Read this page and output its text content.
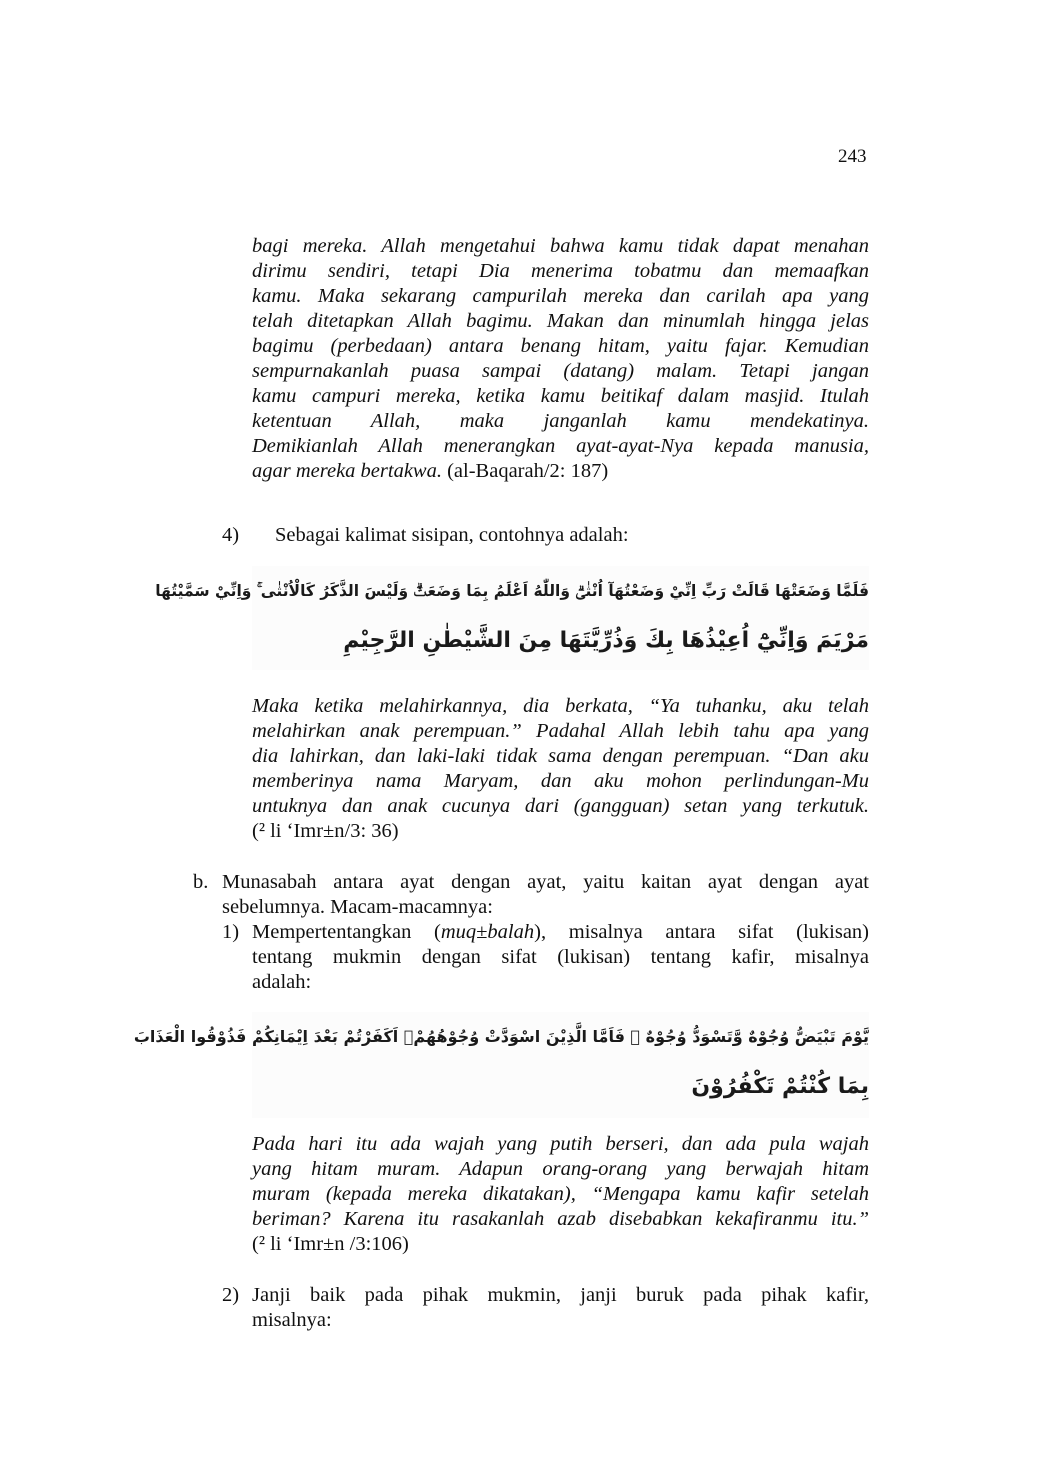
243
bagi mereka. Allah mengetahui bahwa kamu tidak dapat menahan
dirimu sendiri, tetapi Dia menerima tobatmu dan memaafkan
kamu. Maka sekarang campurilah mereka dan carilah apa yang
telah ditetapkan Allah bagimu. Makan dan minumlah hingga jelas
bagimu (perbedaan) antara benang hitam, yaitu fajar. Kemudian
sempurnakanlah puasa sampai (datang) malam. Tetapi jangan
kamu campuri mereka, ketika kamu beitikaf dalam masjid. Itulah
ketentuan Allah, maka janganlah kamu mendekatinya.
Demikianlah Allah menerangkan ayat-ayat-Nya kepada manusia,
agar mereka bertakwa. (al-Baqarah/2: 187)
4) Sebagai kalimat sisipan, contohnya adalah:
فَلَمَّا وَضَعَتْهَا قَالَتْ رَبِّ اِنِّيْ وَضَعْتُهَآ اُنْثٰىۗ وَاللّٰهُ اَعْلَمُ بِمَا وَضَعَتْۗ وَلَيْسَ الذَّكَرُ كَالْاُنْثٰى ۚ وَاِنِّيْ سَمَّيْتُهَا
مَرْيَمَ وَاِنِّيْٓ اُعِيْذُهَا بِكَ وَذُرِّيَّتَهَا مِنَ الشَّيْطٰنِ الرَّجِيْمِ
Maka ketika melahirkannya, dia berkata, “Ya tuhanku, aku telah
melahirkan anak perempuan.” Padahal Allah lebih tahu apa yang
dia lahirkan, dan laki-laki tidak sama dengan perempuan. “Dan aku
memberinya nama Maryam, dan aku mohon perlindungan-Mu
untuknya dan anak cucunya dari (gangguan) setan yang terkutuk.
(² li ‘Imr±n/3: 36)
b. Munasabah antara ayat dengan ayat, yaitu kaitan ayat dengan ayat
sebelumnya. Macam-macamnya:
1) Mempertentangkan (muq±balah), misalnya antara sifat (lukisan)
tentang mukmin dengan sifat (lukisan) tentang kafir, misalnya
adalah:
يَّوْمَ تَبْيَضُّ وُجُوْهٌ وَّتَسْوَدُّ وُجُوْهٌ ۚ فَاَمَّا الَّذِيْنَ اسْوَدَّتْ وُجُوْهُهُمْۗ اَكَفَرْتُمْ بَعْدَ اِيْمَانِكُمْ فَذُوْقُوا الْعَذَابَ
بِمَا كُنْتُمْ تَكْفُرُوْنَ
Pada hari itu ada wajah yang putih berseri, dan ada pula wajah
yang hitam muram. Adapun orang-orang yang berwajah hitam
muram (kepada mereka dikatakan), “Mengapa kamu kafir setelah
beriman? Karena itu rasakanlah azab disebabkan kekafiranmu itu.”
(² li ‘Imr±n /3:106)
2) Janji baik pada pihak mukmin, janji buruk pada pihak kafir,
misalnya:
